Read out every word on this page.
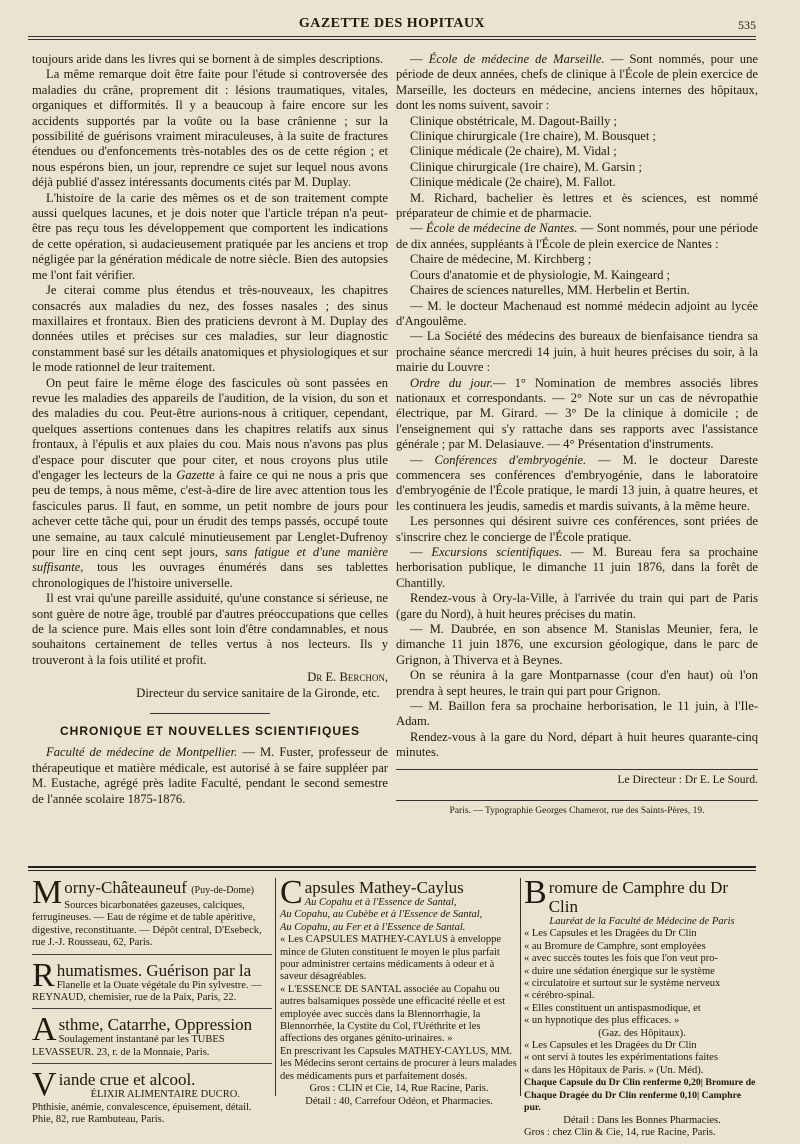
GAZETTE DES HOPITAUX	535

toujours aride dans les livres qui se bornent à de simples descriptions.

La même remarque doit être faite pour l'étude si controversée des maladies du crâne, proprement dit : lésions traumatiques, vitales, organiques et difformités. Il y a beaucoup à faire encore sur les accidents supportés par la voûte ou la base crânienne ; sur la possibilité de guérisons vraiment miraculeuses, à la suite de fractures étendues ou d'enfoncements très-notables des os de cette région ; et nous espérons bien, un jour, reprendre ce sujet sur lequel nous avons déjà publié d'assez intéressants documents cités par M. Duplay.

L'histoire de la carie des mêmes os et de son traitement compte aussi quelques lacunes, et je dois noter que l'article trépan n'a peut-être pas reçu tous les développement que comportent les indications de cette opération, si audacieusement pratiquée par les anciens et trop négligée par la génération médicale de notre siècle. Bien des autopsies me l'ont fait vérifier.

Je citerai comme plus étendus et très-nouveaux, les chapitres consacrés aux maladies du nez, des fosses nasales ; des sinus maxillaires et frontaux. Bien des praticiens devront à M. Duplay des données utiles et précises sur ces maladies, sur leur diagnostic constamment basé sur les détails anatomiques et physiologiques et sur le mode rationnel de leur traitement.

On peut faire le même éloge des fascicules où sont passées en revue les maladies des appareils de l'audition, de la vision, du son et des maladies du cou. Peut-être aurions-nous à critiquer, cependant, quelques assertions contenues dans les chapitres relatifs aux sinus frontaux, à l'épulis et aux plaies du cou. Mais nous n'avons pas plus d'espace pour discuter que pour citer, et nous croyons plus utile d'engager les lecteurs de la Gazette à faire ce qui ne nous a pris que peu de temps, à nous même, c'est-à-dire de lire avec attention tous les fascicules parus. Il faut, en somme, un petit nombre de jours pour achever cette tâche qui, pour un érudit des temps passés, occupé toute une semaine, au taux calculé minutieusement par Lenglet-Dufrenoy pour lire en cinq cent sept jours, sans fatigue et d'une manière suffisante, tous les ouvrages énumérés dans ses tablettes chronologiques de l'histoire universelle.

Il est vrai qu'une pareille assiduité, qu'une constance si sérieuse, ne sont guère de notre âge, troublé par d'autres préoccupations que celles de la science pure. Mais elles sont loin d'être condamnables, et nous souhaitons certainement de telles vertus à nos lecteurs. Ils y trouveront à la fois utilité et profit.

Dr E. Berchon,
Directeur du service sanitaire de la Gironde, etc.
CHRONIQUE ET NOUVELLES SCIENTIFIQUES

Faculté de médecine de Montpellier. — M. Fuster, professeur de thérapeutique et matière médicale, est autorisé à se faire suppléer par M. Eustache, agrégé près ladite Faculté, pendant le second semestre de l'année scolaire 1875-1876.

— École de médecine de Marseille. — Sont nommés, pour une période de deux années, chefs de clinique à l'École de plein exercice de Marseille, les docteurs en médecine, anciens internes des hôpitaux, dont les noms suivent, savoir :

Clinique obstétricale, M. Dagout-Bailly ;

Clinique chirurgicale (1re chaire), M. Bousquet ;

Clinique médicale (2e chaire), M. Vidal ;

Clinique chirurgicale (1re chaire), M. Garsin ;

Clinique médicale (2e chaire), M. Fallot.

M. Richard, bachelier ès lettres et ès sciences, est nommé préparateur de chimie et de pharmacie.

— École de médecine de Nantes. — Sont nommés, pour une période de dix années, suppléants à l'École de plein exercice de Nantes :

Chaire de médecine, M. Kirchberg ;

Cours d'anatomie et de physiologie, M. Kaingeard ;

Chaires de sciences naturelles, MM. Herbelin et Bertin.

— M. le docteur Machenaud est nommé médecin adjoint au lycée d'Angoulême.

— La Société des médecins des bureaux de bienfaisance tiendra sa prochaine séance mercredi 14 juin, à huit heures précises du soir, à la mairie du Louvre :

Ordre du jour.— 1° Nomination de membres associés libres nationaux et correspondants. — 2° Note sur un cas de névropathie électrique, par M. Girard. — 3° De la clinique à domicile ; de l'enseignement qui s'y rattache dans ses rapports avec l'assistance générale ; par M. Delasiauve. — 4° Présentation d'instruments.

— Conférences d'embryogénie. — M. le docteur Dareste commencera ses conférences d'embryogénie, dans le laboratoire d'embryogénie de l'École pratique, le mardi 13 juin, à quatre heures, et les continuera les jeudis, samedis et mardis suivants, à la même heure.

Les personnes qui désirent suivre ces conférences, sont priées de s'inscrire chez le concierge de l'École pratique.

— Excursions scientifiques. — M. Bureau fera sa prochaine herborisation publique, le dimanche 11 juin 1876, dans la forêt de Chantilly.

Rendez-vous à Ory-la-Ville, à l'arrivée du train qui part de Paris (gare du Nord), à huit heures précises du matin.

— M. Daubrée, en son absence M. Stanislas Meunier, fera, le dimanche 11 juin 1876, une excursion géologique, dans le parc de Grignon, à Thiverva et à Beynes.

On se réunira à la gare Montparnasse (cour d'en haut) où l'on prendra à sept heures, le train qui part pour Grignon.

— M. Baillon fera sa prochaine herborisation, le 11 juin, à l'Ile-Adam.

Rendez-vous à la gare du Nord, départ à huit heures quarante-cinq minutes.

Le Directeur : Dr E. Le Sourd.
Paris. — Typographie Georges Chamerot, rue des Saints-Pères, 19.
M orny-Châteauneuf (Puy-de-Dome)
Sources bicarbonatées gazeuses, calciques, ferrugineuses. — Eau de régime et de table apéritive, digestive, reconstituante. — Dépôt central, D'Esebeck, rue J.-J. Rousseau, 62, Paris.
R humatismes. Guérison par la
Flanelle et la Ouate végétale du Pin sylvestre. — REYNAUD, chemisier, rue de la Paix, Paris, 22.
A sthme, Catarrhe, Oppression
Soulagement instantané par les TUBES LEVASSEUR. 23, r. de la Monnaie, Paris.
V iande crue et alcool.
ÉLIXIR ALIMENTAIRE DUCRO.
Phthisie, anémie, convalescence, épuisement, détail. Phie, 82, rue Rambuteau, Paris.
C apsules Mathey-Caylus
Au Copahu et à l'Essence de Santal,
Au Copahu, au Cubèbe et à l'Essence de Santal,
Au Copahu, au Fer et à l'Essence de Santal.
« Les CAPSULES MATHEY-CAYLUS à enveloppe mince de Gluten constituent le moyen le plus parfait pour administrer certains médicaments à odeur et à saveur désagréables.
« L'ESSENCE DE SANTAL associée au Copahu ou autres balsamiques possède une efficacité réelle et est employée avec succès dans la Blennorrhagie, la Blennorrhée, la Cystite du Col, l'Uréthrite et les affections des organes génito-urinaires. »
En prescrivant les Capsules MATHEY-CAYLUS, MM. les Médecins seront certains de procurer à leurs malades des médicaments purs et parfaitement dosés.
Gros : CLIN et Cie, 14, Rue Racine, Paris.
Détail : 40, Carrefour Odéon, et Pharmacies.
B romure de Camphre du Dr Clin
Lauréat de la Faculté de Médecine de Paris
« Les Capsules et les Dragées du Dr Clin
« au Bromure de Camphre, sont employées
« avec succès toutes les fois que l'on veut pro-
« duire une sédation énergique sur le système
« circulatoire et surtout sur le système nerveux
« cérébro-spinal.
« Elles constituent un antispasmodique, et
« un hypnotique des plus efficaces. »
(Gaz. des Hôpitaux).
« Les Capsules et les Dragées du Dr Clin
« ont servi à toutes les expérimentations faites
« dans les Hôpitaux de Paris. » (Un. Méd).
Chaque Capsule du Dr Clin renferme 0,20| Bromure de
Chaque Dragée du Dr Clin renferme 0,10| Camphre pur.
Détail : Dans les Bonnes Pharmacies.
Gros : chez Clin & Cie, 14, rue Racine, Paris.
